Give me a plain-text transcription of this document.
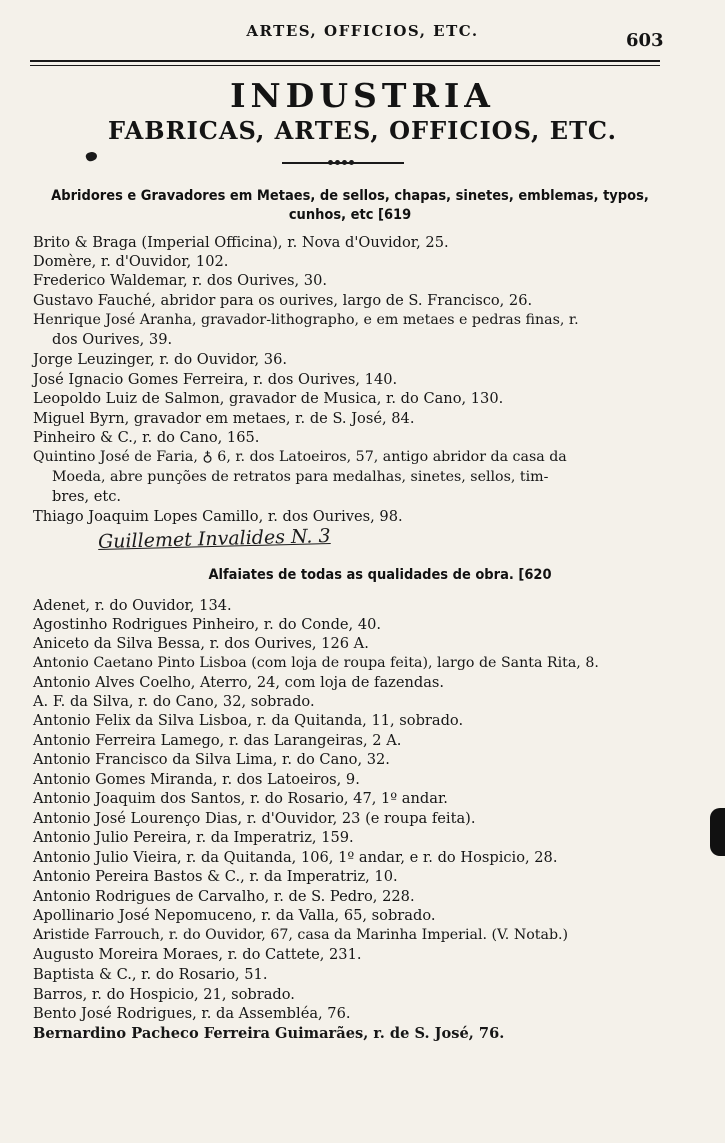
ARTES, OFFICIOS, ETC.	603
INDUSTRIA
FABRICAS, ARTES, OFFICIOS, ETC.
Abridores e Gravadores em Metaes, de sellos, chapas, sinetes, emblemas, typos,
cunhos, etc [619
Brito & Braga (Imperial Officina), r. Nova d'Ouvidor, 25.
Domère, r. d'Ouvidor, 102.
Frederico Waldemar, r. dos Ourives, 30.
Gustavo Fauché, abridor para os ourives, largo de S. Francisco, 26.
Henrique José Aranha, gravador-lithographo, e em metaes e pedras finas, r.
dos Ourives, 39.
Jorge Leuzinger, r. do Ouvidor, 36.
José Ignacio Gomes Ferreira, r. dos Ourives, 140.
Leopoldo Luiz de Salmon, gravador de Musica, r. do Cano, 130.
Miguel Byrn, gravador em metaes, r. de S. José, 84.
Pinheiro & C., r. do Cano, 165.
Quintino José de Faria, ♁ 6, r. dos Latoeiros, 57, antigo abridor da casa da
Moeda, abre punções de retratos para medalhas, sinetes, sellos, tim-
bres, etc.
Thiago Joaquim Lopes Camillo, r. dos Ourives, 98.
Guillemet Invalides N. 3
Alfaiates de todas as qualidades de obra. [620
Adenet, r. do Ouvidor, 134.
Agostinho Rodrigues Pinheiro, r. do Conde, 40.
Aniceto da Silva Bessa, r. dos Ourives, 126 A.
Antonio Caetano Pinto Lisboa (com loja de roupa feita), largo de Santa Rita, 8.
Antonio Alves Coelho, Aterro, 24, com loja de fazendas.
A. F. da Silva, r. do Cano, 32, sobrado.
Antonio Felix da Silva Lisboa, r. da Quitanda, 11, sobrado.
Antonio Ferreira Lamego, r. das Larangeiras, 2 A.
Antonio Francisco da Silva Lima, r. do Cano, 32.
Antonio Gomes Miranda, r. dos Latoeiros, 9.
Antonio Joaquim dos Santos, r. do Rosario, 47, 1º andar.
Antonio José Lourenço Dias, r. d'Ouvidor, 23 (e roupa feita).
Antonio Julio Pereira, r. da Imperatriz, 159.
Antonio Julio Vieira, r. da Quitanda, 106, 1º andar, e r. do Hospicio, 28.
Antonio Pereira Bastos & C., r. da Imperatriz, 10.
Antonio Rodrigues de Carvalho, r. de S. Pedro, 228.
Apollinario José Nepomuceno, r. da Valla, 65, sobrado.
Aristide Farrouch, r. do Ouvidor, 67, casa da Marinha Imperial. (V. Notab.)
Augusto Moreira Moraes, r. do Cattete, 231.
Baptista & C., r. do Rosario, 51.
Barros, r. do Hospicio, 21, sobrado.
Bento José Rodrigues, r. da Assembléa, 76.
Bernardino Pacheco Ferreira Guimarães, r. de S. José, 76.
